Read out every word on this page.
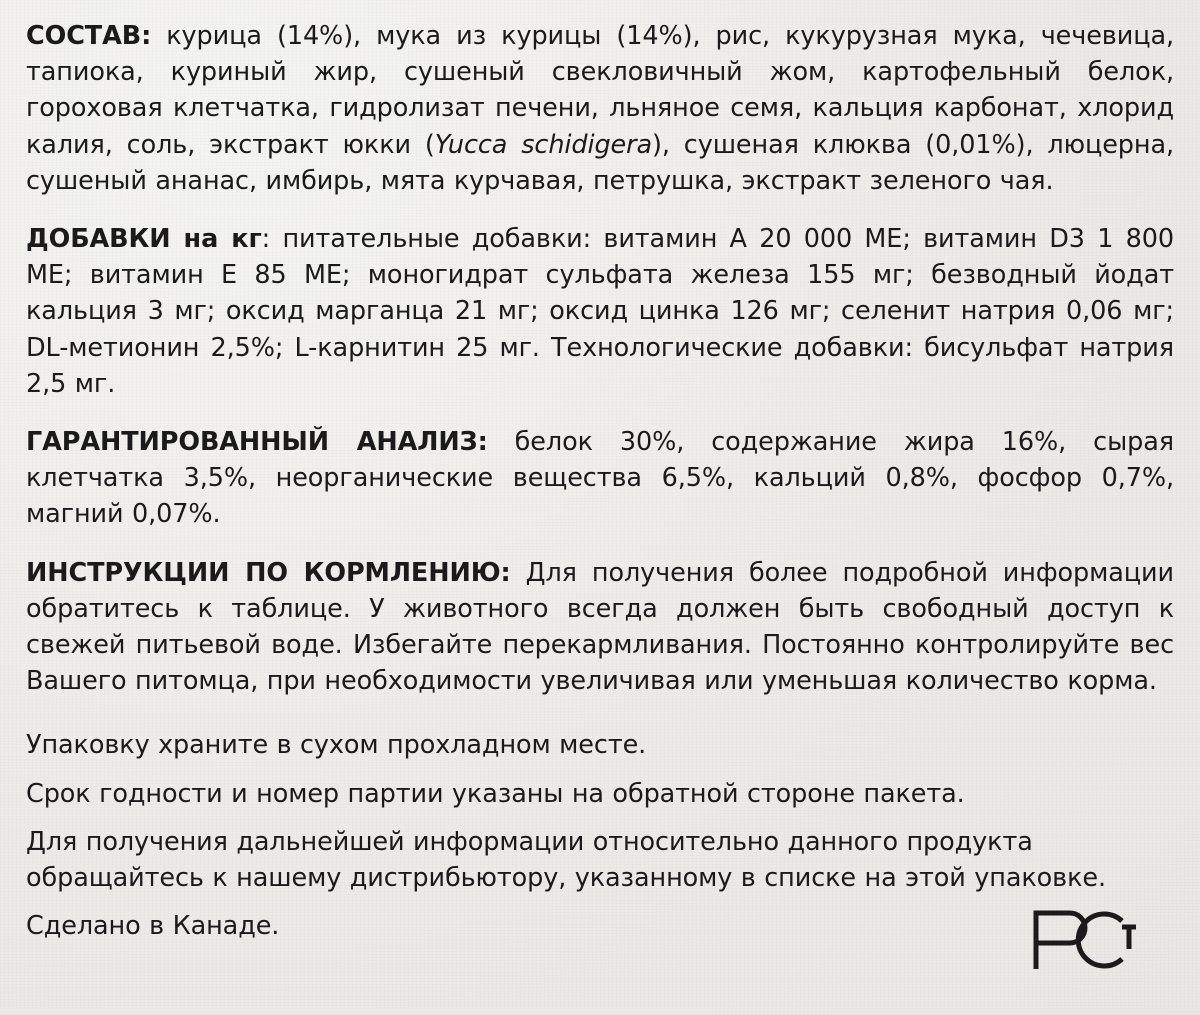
СОСТАВ: курица (14%), мука из курицы (14%), рис, кукурузная мука, чечевица, тапиока, куриный жир, сушеный свекловичный жом, картофельный белок, гороховая клетчатка, гидролизат печени, льняное семя, кальция карбонат, хлорид калия, соль, экстракт юкки (Yucca schidigera), сушеная клюква (0,01%), люцерна, сушеный ананас, имбирь, мята курчавая, петрушка, экстракт зеленого чая.

ДОБАВКИ на кг: питательные добавки: витамин A 20 000 МЕ; витамин D3 1 800 МЕ; витамин E 85 МЕ; моногидрат сульфата железа 155 мг; безводный йодат кальция 3 мг; оксид марганца 21 мг; оксид цинка 126 мг; селенит натрия 0,06 мг; DL-метионин 2,5%; L-карнитин 25 мг. Технологические добавки: бисульфат натрия 2,5 мг.

ГАРАНТИРОВАННЫЙ АНАЛИЗ: белок 30%, содержание жира 16%, сырая клетчатка 3,5%, неорганические вещества 6,5%, кальций 0,8%, фосфор 0,7%, магний 0,07%.

ИНСТРУКЦИИ ПО КОРМЛЕНИЮ: Для получения более подробной информации обратитесь к таблице. У животного всегда должен быть свободный доступ к свежей питьевой воде. Избегайте перекармливания. Постоянно контролируйте вес Вашего питомца, при необходимости увеличивая или уменьшая количество корма.

Упаковку храните в сухом прохладном месте.

Срок годности и номер партии указаны на обратной стороне пакета.

Для получения дальнейшей информации относительно данного продукта обращайтесь к нашему дистрибьютору, указанному в списке на этой упаковке.

Сделано в Канаде.
